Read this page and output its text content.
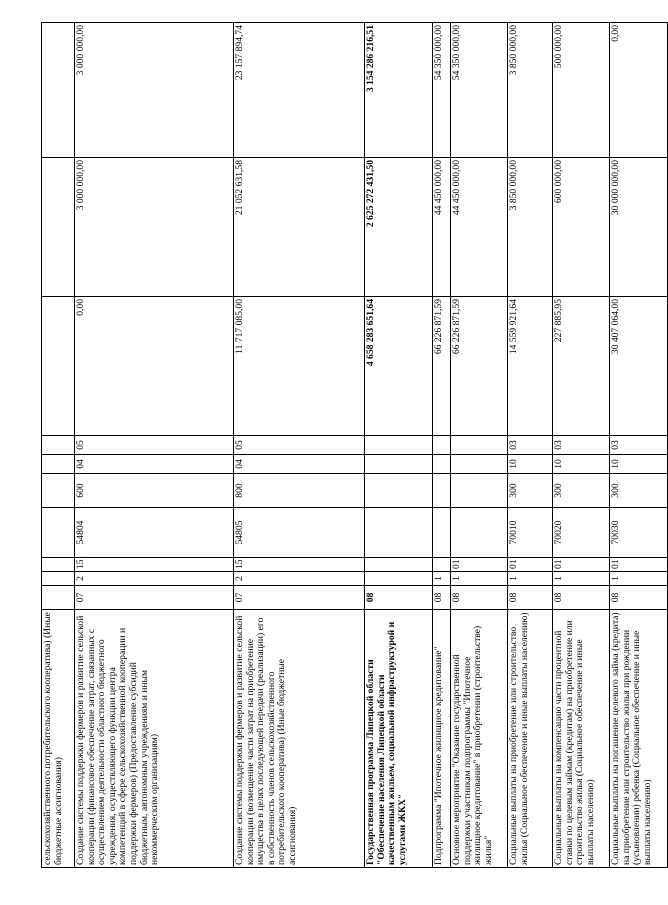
сельскохозяйственного потребительского кооператива) (Иные бюджетные ассигнования)										
Создание системы поддержки фермеров и развитие сельской кооперации (финансовое обеспечение затрат, связанных с осуществлением деятельности областного бюджетного учреждения, осуществляющего функции центра компетенций в сфере сельскохозяйственной кооперации и поддержки фермеров) (Предоставление субсидий бюджетным, автономным учреждениям и иным некоммерческим организациям)	07	2	15	54804	600	04	05	0,00	3 000 000,00	3 000 000,00
Создание системы поддержки фермеров и развитие сельской кооперации (возмещение части затрат на приобретение имущества в целях последующей передачи (реализации) его в собственность членов сельскохозяйственного потребительского кооператива) (Иные бюджетные ассигнования)	07	2	15	54805	800	04	05	11 717 085,00	21 052 631,58	23 157 894,74
Государственная программа Липецкой области "Обеспечение населения Липецкой области качественным жильем, социальной инфраструктурой и услугами ЖКХ"	08							4 658 283 651,64	2 625 272 431,50	3 154 286 216,51
Подпрограмма "Ипотечное жилищное кредитование"	08	1						66 226 871,59	44 450 000,00	54 350 000,00
Основное мероприятие "Оказание государственной поддержки участникам подпрограммы "Ипотечное жилищное кредитование" в приобретении (строительстве) жилья"	08	1	01					66 226 871,59	44 450 000,00	54 350 000,00
Социальные выплаты на приобретение или строительство жилья (Социальное обеспечение и иные выплаты населению)	08	1	01	70010	300	10	03	14 559 921,64	3 850 000,00	3 850 000,00
Социальные выплаты на компенсацию части процентной ставки по целевым займам (кредитам) на приобретение или строительство жилья (Социальное обеспечение и иные выплаты населению)	08	1	01	70020	300	10	03	227 885,95	600 000,00	500 000,00
Социальные выплаты на погашение целевого займа (кредита) на приобретение или строительство жилья при рождении (усыновлении) ребенка (Социальное обеспечение и иные выплаты населению)	08	1	01	70030	300	10	03	30 407 064,00	30 000 000,00	0,00
